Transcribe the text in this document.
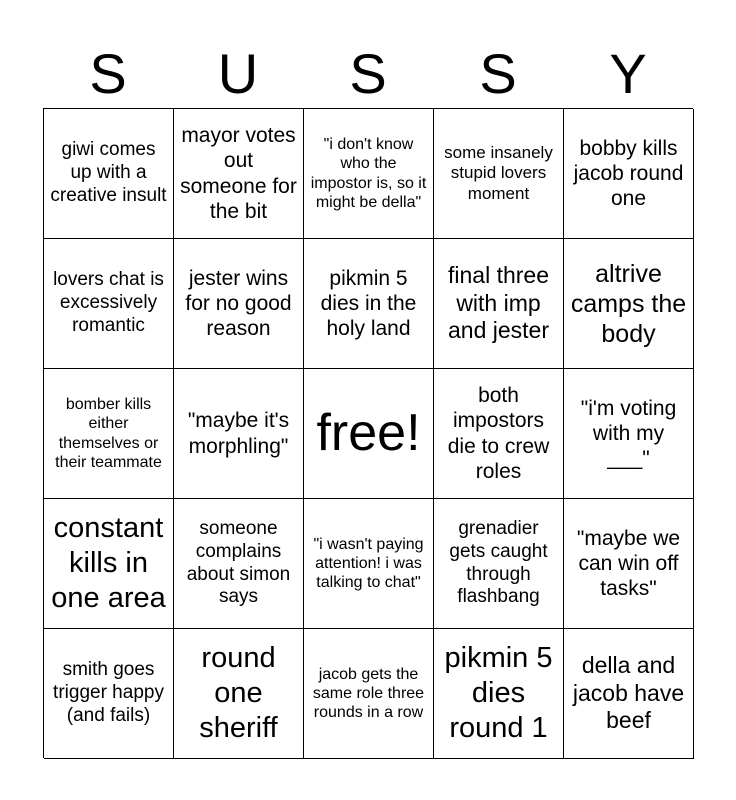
S	U	S	S	Y
giwi comes up with a creative insult
mayor votes out someone for the bit
"i don't know who the impostor is, so it might be della"
some insanely stupid lovers moment
bobby kills jacob round one
lovers chat is excessively romantic
jester wins for no good reason
pikmin 5 dies in the holy land
final three with imp and jester
altrive camps the body
bomber kills either themselves or their teammate
"maybe it's morphling" free!
both impostors die to crew roles
"i'm voting with my ___"
constant kills in one area
someone complains about simon says
"i wasn't paying attention! i was talking to chat"
grenadier gets caught through flashbang
"maybe we can win off tasks"
smith goes trigger happy (and fails)
round one sheriff
jacob gets the same role three rounds in a row
pikmin 5 dies round 1
della and jacob have beef
